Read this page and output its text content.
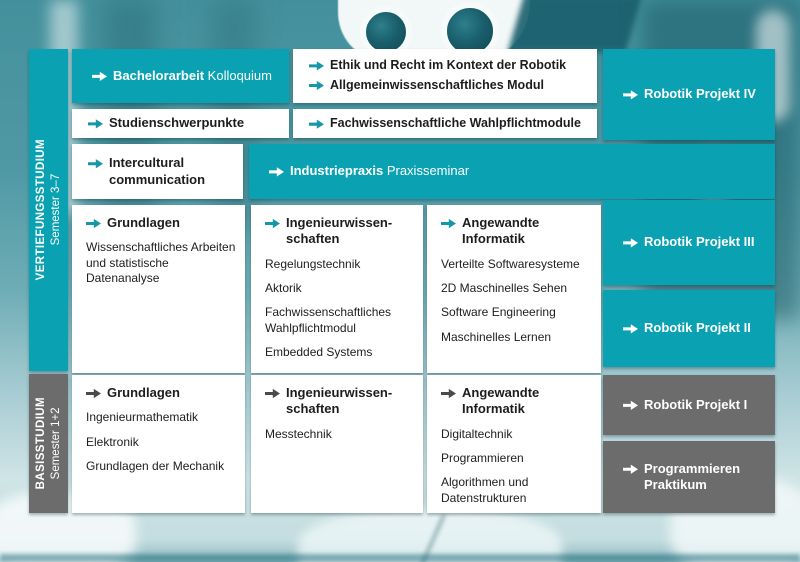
VERTIEFUNGSSTUDIUM Semester 3–7
BASISSTUDIUM Semester 1+2
Bachelorarbeit Kolloquium
Ethik und Recht im Kontext der Robotik
Allgemeinwissenschaftliches Modul
Robotik Projekt IV
Studienschwerpunkte	Fachwissenschaftliche Wahlpflichtmodule
Intercultural communication
Industriepraxis Praxisseminar
Grundlagen
Wissenschaftliches Arbeiten und statistische Datenanalyse
Ingenieurwissen-schaften
Regelungstechnik
Aktorik
Fachwissenschaftliches Wahlpflichtmodul
Embedded Systems
Angewandte Informatik
Verteilte Softwaresysteme
2D Maschinelles Sehen
Software Engineering
Maschinelles Lernen
Robotik Projekt III
Robotik Projekt II
Grundlagen
Ingenieurmathematik
Elektronik
Grundlagen der Mechanik
Ingenieurwissen-schaften
Messtechnik
Angewandte Informatik
Digitaltechnik
Programmieren
Algorithmen und Datenstrukturen
Robotik Projekt I
Programmieren Praktikum
